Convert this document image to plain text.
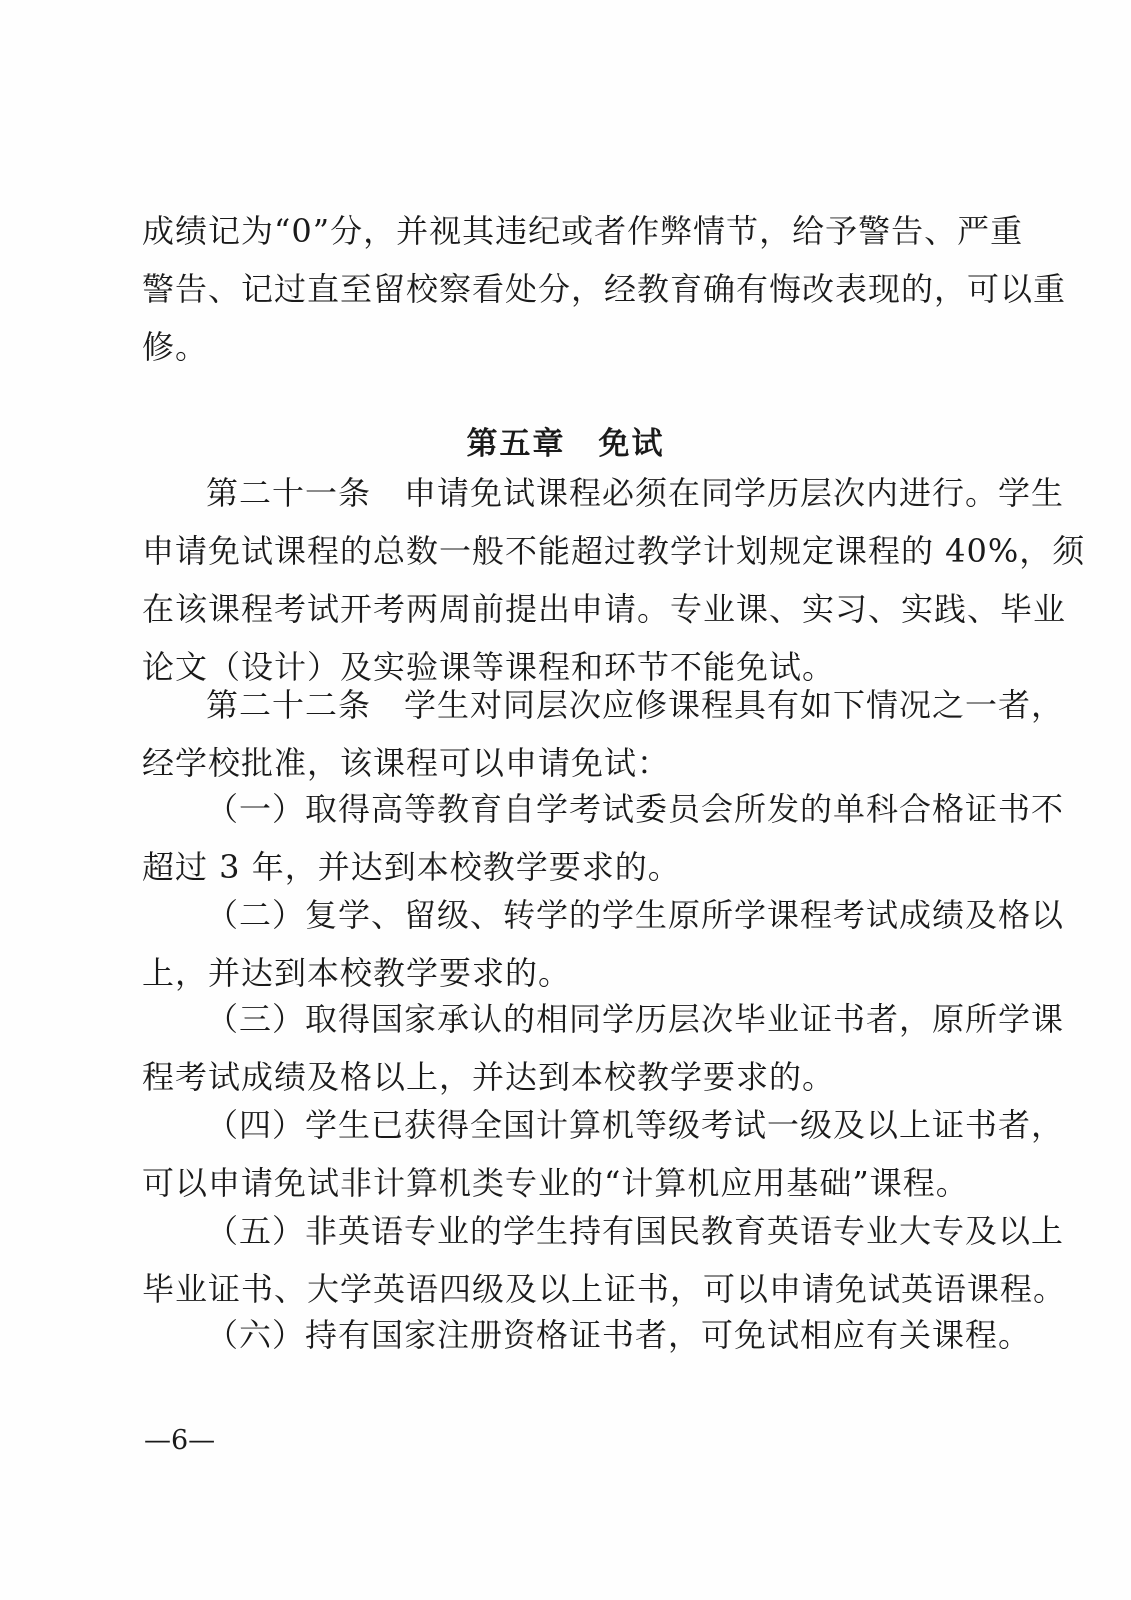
成绩记为“0”分，并视其违纪或者作弊情节，给予警告、严重
警告、记过直至留校察看处分，经教育确有悔改表现的，可以重
修。
第五章　免试
第二十一条　申请免试课程必须在同学历层次内进行。学生
申请免试课程的总数一般不能超过教学计划规定课程的 40%，须
在该课程考试开考两周前提出申请。专业课、实习、实践、毕业
论文（设计）及实验课等课程和环节不能免试。
第二十二条　学生对同层次应修课程具有如下情况之一者，
经学校批准，该课程可以申请免试：
（一）取得高等教育自学考试委员会所发的单科合格证书不
超过 3 年，并达到本校教学要求的。
（二）复学、留级、转学的学生原所学课程考试成绩及格以
上，并达到本校教学要求的。
（三）取得国家承认的相同学历层次毕业证书者，原所学课
程考试成绩及格以上，并达到本校教学要求的。
（四）学生已获得全国计算机等级考试一级及以上证书者，
可以申请免试非计算机类专业的“计算机应用基础”课程。
（五）非英语专业的学生持有国民教育英语专业大专及以上
毕业证书、大学英语四级及以上证书，可以申请免试英语课程。
（六）持有国家注册资格证书者，可免试相应有关课程。
—6—
